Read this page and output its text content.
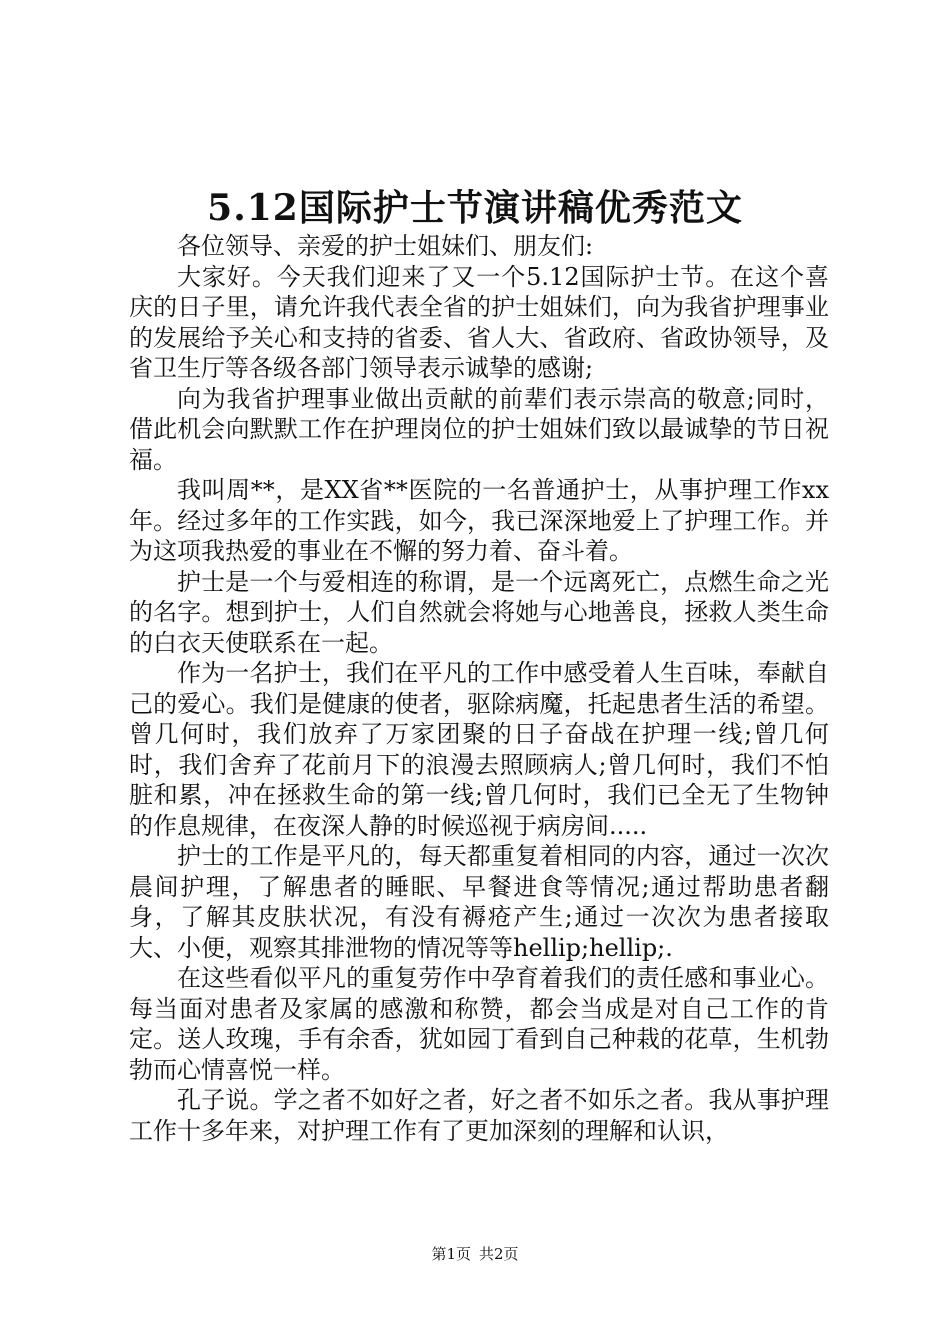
5.12国际护士节演讲稿优秀范文

各位领导、亲爱的护士姐妹们、朋友们:

大家好。今天我们迎来了又一个5.12国际护士节。在这个喜庆的日子里，请允许我代表全省的护士姐妹们，向为我省护理事业的发展给予关心和支持的省委、省人大、省政府、省政协领导，及省卫生厅等各级各部门领导表示诚挚的感谢;

向为我省护理事业做出贡献的前辈们表示崇高的敬意;同时，借此机会向默默工作在护理岗位的护士姐妹们致以最诚挚的节日祝福。

我叫周**，是XX省**医院的一名普通护士，从事护理工作xx年。经过多年的工作实践，如今，我已深深地爱上了护理工作。并为这项我热爱的事业在不懈的努力着、奋斗着。

护士是一个与爱相连的称谓，是一个远离死亡，点燃生命之光的名字。想到护士，人们自然就会将她与心地善良，拯救人类生命的白衣天使联系在一起。

作为一名护士，我们在平凡的工作中感受着人生百味，奉献自己的爱心。我们是健康的使者，驱除病魔，托起患者生活的希望。曾几何时，我们放弃了万家团聚的日子奋战在护理一线;曾几何时，我们舍弃了花前月下的浪漫去照顾病人;曾几何时，我们不怕脏和累，冲在拯救生命的第一线;曾几何时，我们已全无了生物钟的作息规律，在夜深人静的时候巡视于病房间.....

护士的工作是平凡的，每天都重复着相同的内容，通过一次次晨间护理，了解患者的睡眠、早餐进食等情况;通过帮助患者翻身，了解其皮肤状况，有没有褥疮产生;通过一次次为患者接取大、小便，观察其排泄物的情况等等hellip;hellip;.

在这些看似平凡的重复劳作中孕育着我们的责任感和事业心。每当面对患者及家属的感激和称赞，都会当成是对自己工作的肯定。送人玫瑰，手有余香，犹如园丁看到自己种栽的花草，生机勃勃而心情喜悦一样。

孔子说。学之者不如好之者，好之者不如乐之者。我从事护理工作十多年来，对护理工作有了更加深刻的理解和认识，

第1页 共2页
